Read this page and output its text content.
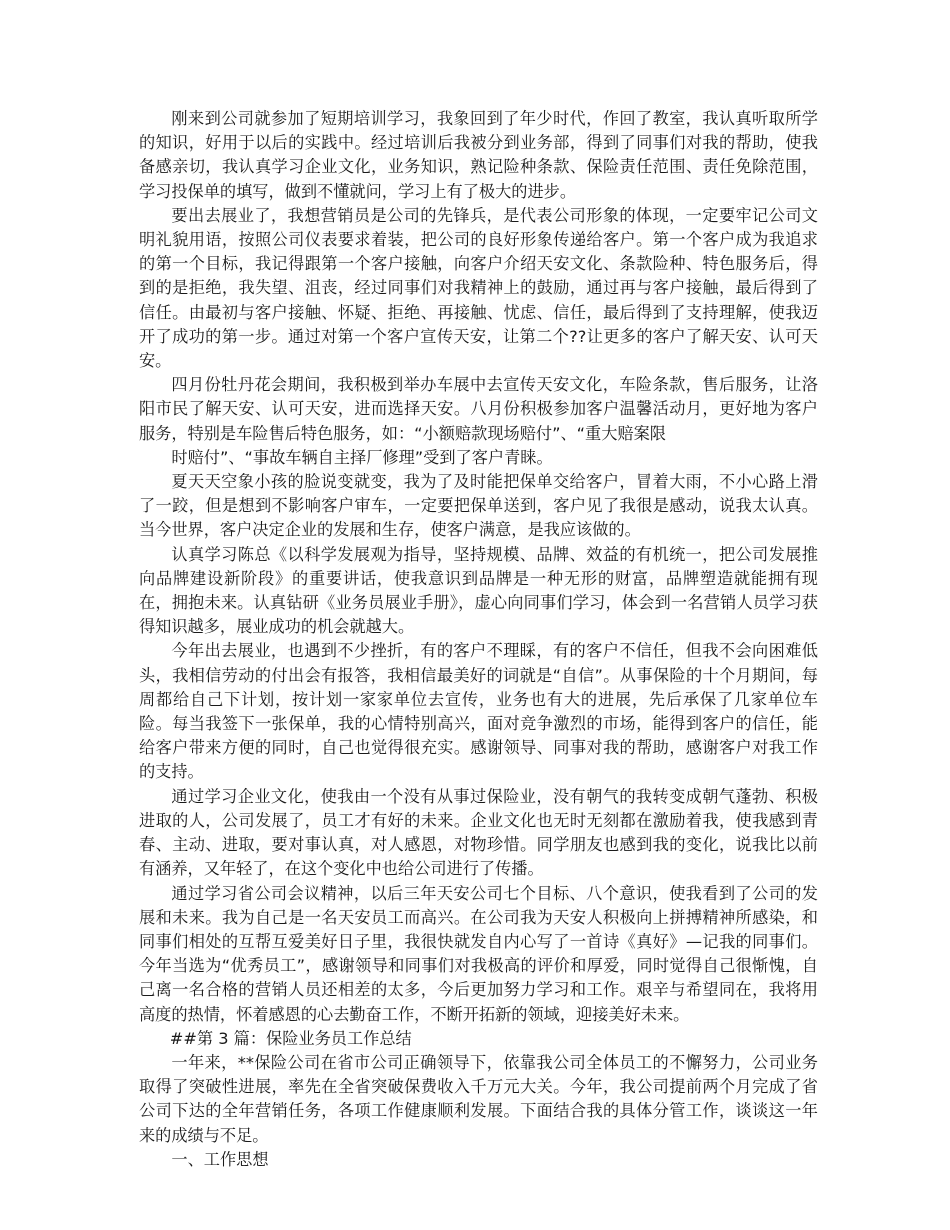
刚来到公司就参加了短期培训学习，我象回到了年少时代，作回了教室，我认真听取所学的知识，好用于以后的实践中。经过培训后我被分到业务部，得到了同事们对我的帮助，使我备感亲切，我认真学习企业文化，业务知识，熟记险种条款、保险责任范围、责任免除范围，学习投保单的填写，做到不懂就问，学习上有了极大的进步。

要出去展业了，我想营销员是公司的先锋兵，是代表公司形象的体现，一定要牢记公司文明礼貌用语，按照公司仪表要求着装，把公司的良好形象传递给客户。第一个客户成为我追求的第一个目标，我记得跟第一个客户接触，向客户介绍天安文化、条款险种、特色服务后，得到的是拒绝，我失望、沮丧，经过同事们对我精神上的鼓励，通过再与客户接触，最后得到了信任。由最初与客户接触、怀疑、拒绝、再接触、忧虑、信任，最后得到了支持理解，使我迈开了成功的第一步。通过对第一个客户宣传天安，让第二个??让更多的客户了解天安、认可天安。

四月份牡丹花会期间，我积极到举办车展中去宣传天安文化，车险条款，售后服务，让洛阳市民了解天安、认可天安，进而选择天安。八月份积极参加客户温馨活动月，更好地为客户服务，特别是车险售后特色服务，如：“小额赔款现场赔付”、“重大赔案限

时赔付”、“事故车辆自主择厂修理”受到了客户青睐。

夏天天空象小孩的脸说变就变，我为了及时能把保单交给客户，冒着大雨，不小心路上滑了一跤，但是想到不影响客户审车，一定要把保单送到，客户见了我很是感动，说我太认真。当今世界，客户决定企业的发展和生存，使客户满意，是我应该做的。

认真学习陈总《以科学发展观为指导，坚持规模、品牌、效益的有机统一，把公司发展推向品牌建设新阶段》的重要讲话，使我意识到品牌是一种无形的财富，品牌塑造就能拥有现在，拥抱未来。认真钻研《业务员展业手册》，虚心向同事们学习，体会到一名营销人员学习获得知识越多，展业成功的机会就越大。

今年出去展业，也遇到不少挫折，有的客户不理睬，有的客户不信任，但我不会向困难低头，我相信劳动的付出会有报答，我相信最美好的词就是“自信”。从事保险的十个月期间，每周都给自己下计划，按计划一家家单位去宣传，业务也有大的进展，先后承保了几家单位车险。每当我签下一张保单，我的心情特别高兴，面对竞争激烈的市场，能得到客户的信任，能给客户带来方便的同时，自己也觉得很充实。感谢领导、同事对我的帮助，感谢客户对我工作的支持。

通过学习企业文化，使我由一个没有从事过保险业，没有朝气的我转变成朝气蓬勃、积极进取的人，公司发展了，员工才有好的未来。企业文化也无时无刻都在激励着我，使我感到青春、主动、进取，要对事认真，对人感恩，对物珍惜。同学朋友也感到我的变化，说我比以前有涵养，又年轻了，在这个变化中也给公司进行了传播。

通过学习省公司会议精神，以后三年天安公司七个目标、八个意识，使我看到了公司的发展和未来。我为自己是一名天安员工而高兴。在公司我为天安人积极向上拼搏精神所感染，和同事们相处的互帮互爱美好日子里，我很快就发自内心写了一首诗《真好》—记我的同事们。今年当选为“优秀员工”，感谢领导和同事们对我极高的评价和厚爱，同时觉得自己很惭愧，自己离一名合格的营销人员还相差的太多，今后更加努力学习和工作。艰辛与希望同在，我将用高度的热情，怀着感恩的心去勤奋工作，不断开拓新的领域，迎接美好未来。

##第 3 篇：保险业务员工作总结

一年来，**保险公司在省市公司正确领导下，依靠我公司全体员工的不懈努力，公司业务取得了突破性进展，率先在全省突破保费收入千万元大关。今年，我公司提前两个月完成了省公司下达的全年营销任务，各项工作健康顺利发展。下面结合我的具体分管工作，谈谈这一年来的成绩与不足。

一、工作思想
